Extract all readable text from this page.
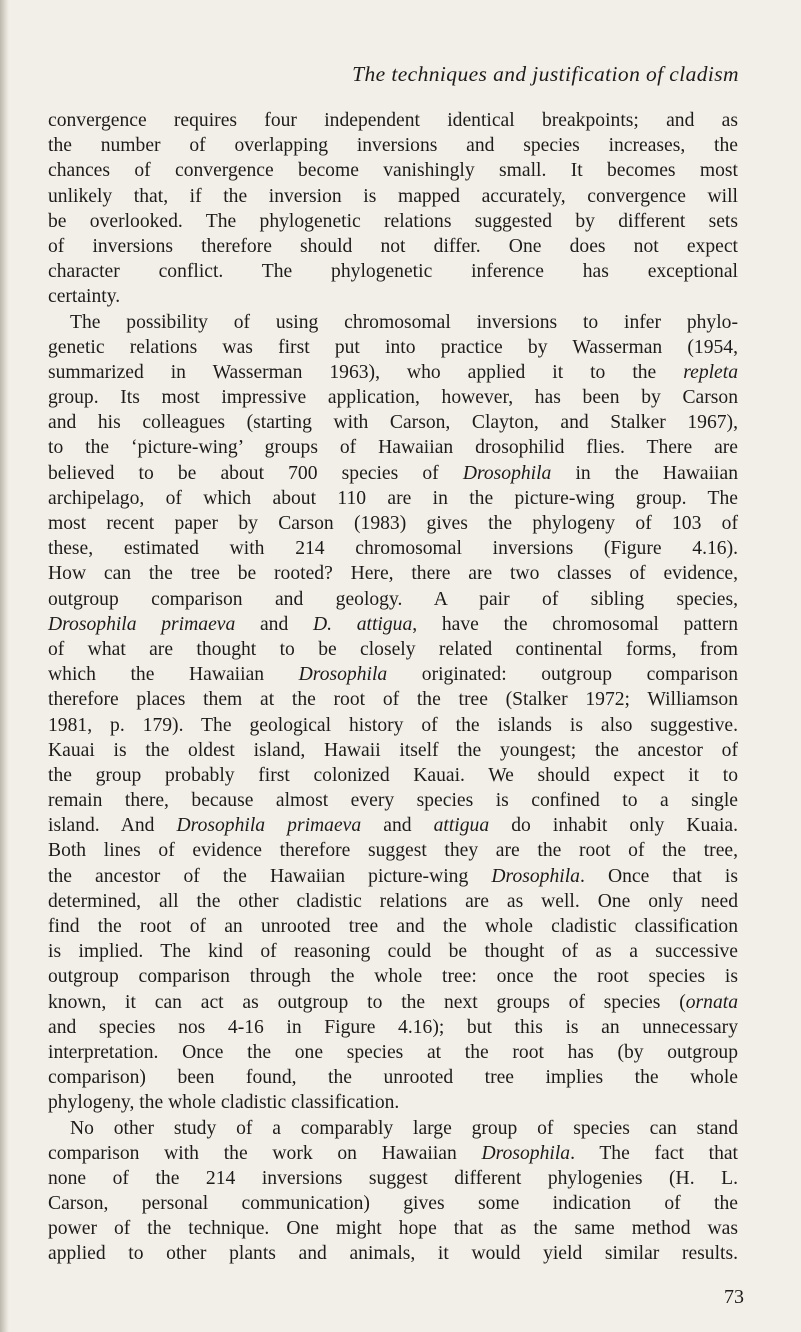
The techniques and justification of cladism
convergence requires four independent identical breakpoints; and as
the number of overlapping inversions and species increases, the
chances of convergence become vanishingly small. It becomes most
unlikely that, if the inversion is mapped accurately, convergence will
be overlooked. The phylogenetic relations suggested by different sets
of inversions therefore should not differ. One does not expect
character conflict. The phylogenetic inference has exceptional
certainty.
The possibility of using chromosomal inversions to infer phylo-
genetic relations was first put into practice by Wasserman (1954,
summarized in Wasserman 1963), who applied it to the repleta
group. Its most impressive application, however, has been by Carson
and his colleagues (starting with Carson, Clayton, and Stalker 1967),
to the ‘picture-wing’ groups of Hawaiian drosophilid flies. There are
believed to be about 700 species of Drosophila in the Hawaiian
archipelago, of which about 110 are in the picture-wing group. The
most recent paper by Carson (1983) gives the phylogeny of 103 of
these, estimated with 214 chromosomal inversions (Figure 4.16).
How can the tree be rooted? Here, there are two classes of evidence,
outgroup comparison and geology. A pair of sibling species,
Drosophila primaeva and D. attigua, have the chromosomal pattern
of what are thought to be closely related continental forms, from
which the Hawaiian Drosophila originated: outgroup comparison
therefore places them at the root of the tree (Stalker 1972; Williamson
1981, p. 179). The geological history of the islands is also suggestive.
Kauai is the oldest island, Hawaii itself the youngest; the ancestor of
the group probably first colonized Kauai. We should expect it to
remain there, because almost every species is confined to a single
island. And Drosophila primaeva and attigua do inhabit only Kuaia.
Both lines of evidence therefore suggest they are the root of the tree,
the ancestor of the Hawaiian picture-wing Drosophila. Once that is
determined, all the other cladistic relations are as well. One only need
find the root of an unrooted tree and the whole cladistic classification
is implied. The kind of reasoning could be thought of as a successive
outgroup comparison through the whole tree: once the root species is
known, it can act as outgroup to the next groups of species (ornata
and species nos 4-16 in Figure 4.16); but this is an unnecessary
interpretation. Once the one species at the root has (by outgroup
comparison) been found, the unrooted tree implies the whole
phylogeny, the whole cladistic classification.
No other study of a comparably large group of species can stand
comparison with the work on Hawaiian Drosophila. The fact that
none of the 214 inversions suggest different phylogenies (H. L.
Carson, personal communication) gives some indication of the
power of the technique. One might hope that as the same method was
applied to other plants and animals, it would yield similar results.
73
